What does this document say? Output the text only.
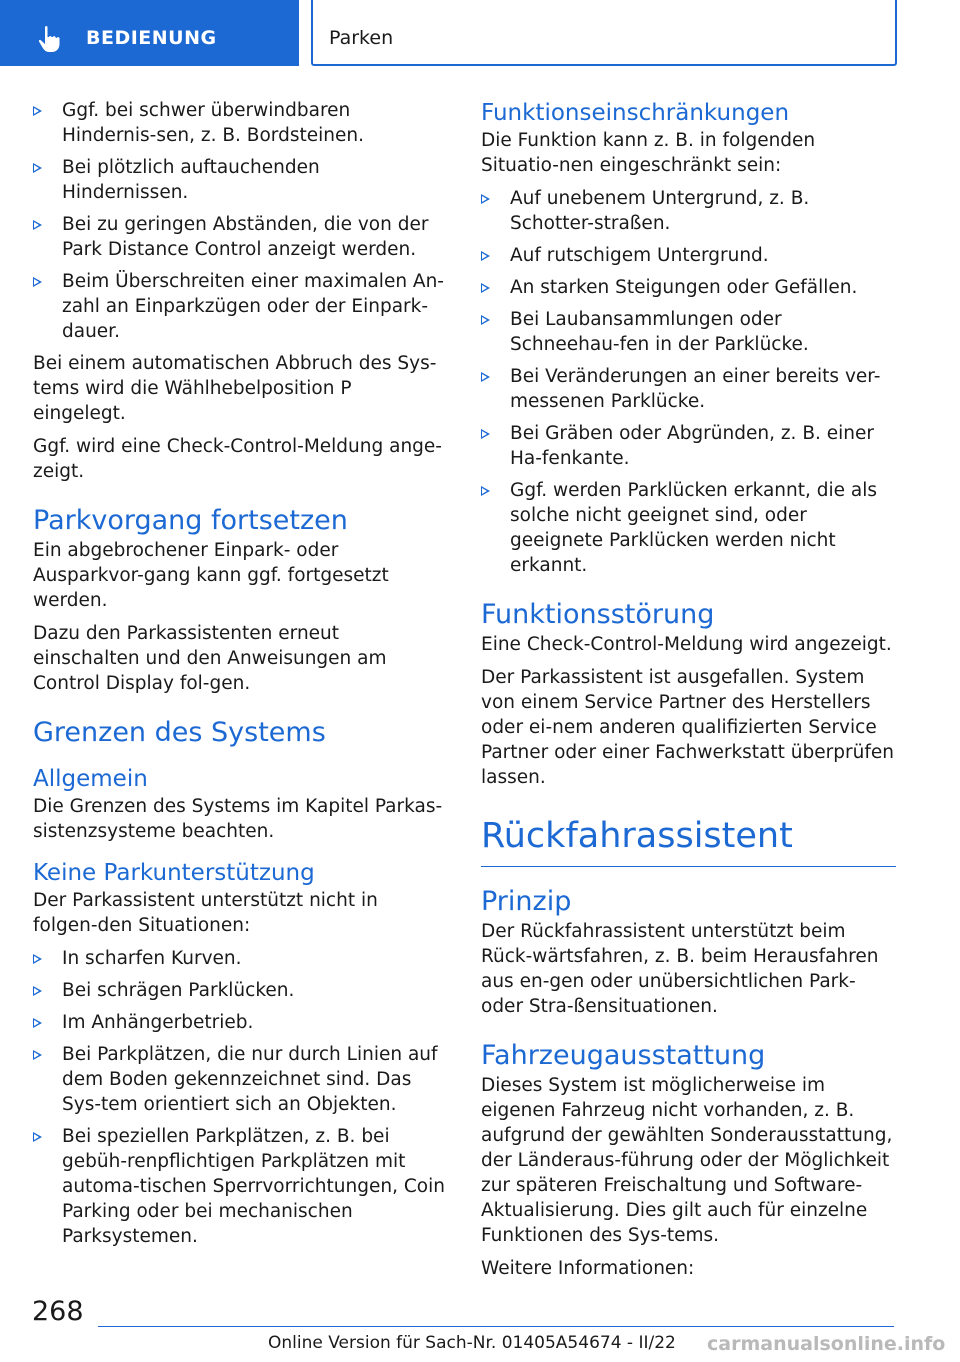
BEDIENUNG	Parken
Ggf. bei schwer überwindbaren Hindernis-sen, z. B. Bordsteinen.
Bei plötzlich auftauchenden Hindernissen.
Bei zu geringen Abständen, die von der Park Distance Control anzeigt werden.
Beim Überschreiten einer maximalen An-zahl an Einparkzügen oder der Einpark-dauer.

Bei einem automatischen Abbruch des Sys-tems wird die Wählhebelposition P eingelegt.

Ggf. wird eine Check-Control-Meldung ange-zeigt.

Parkvorgang fortsetzen

Ein abgebrochener Einpark- oder Ausparkvor-gang kann ggf. fortgesetzt werden.

Dazu den Parkassistenten erneut einschalten und den Anweisungen am Control Display fol-gen.

Grenzen des Systems
Allgemein

Die Grenzen des Systems im Kapitel Parkas-sistenzsysteme beachten.

Keine Parkunterstützung

Der Parkassistent unterstützt nicht in folgen-den Situationen:

In scharfen Kurven.
Bei schrägen Parklücken.
Im Anhängerbetrieb.
Bei Parkplätzen, die nur durch Linien auf dem Boden gekennzeichnet sind. Das Sys-tem orientiert sich an Objekten.
Bei speziellen Parkplätzen, z. B. bei gebüh-renpflichtigen Parkplätzen mit automa-tischen Sperrvorrichtungen, Coin Parking oder bei mechanischen Parksystemen.
Funktionseinschränkungen

Die Funktion kann z. B. in folgenden Situatio-nen eingeschränkt sein:

Auf unebenem Untergrund, z. B. Schotter-straßen.
Auf rutschigem Untergrund.
An starken Steigungen oder Gefällen.
Bei Laubansammlungen oder Schneehau-fen in der Parklücke.
Bei Veränderungen an einer bereits ver-messenen Parklücke.
Bei Gräben oder Abgründen, z. B. einer Ha-fenkante.
Ggf. werden Parklücken erkannt, die als solche nicht geeignet sind, oder geeignete Parklücken werden nicht erkannt.
Funktionsstörung

Eine Check-Control-Meldung wird angezeigt.

Der Parkassistent ist ausgefallen. System von einem Service Partner des Herstellers oder ei-nem anderen qualifizierten Service Partner oder einer Fachwerkstatt überprüfen lassen.

Rückfahrassistent
Prinzip

Der Rückfahrassistent unterstützt beim Rück-wärtsfahren, z. B. beim Herausfahren aus en-gen oder unübersichtlichen Park- oder Stra-ßensituationen.

Fahrzeugausstattung

Dieses System ist möglicherweise im eigenen Fahrzeug nicht vorhanden, z. B. aufgrund der gewählten Sonderausstattung, der Länderaus-führung oder der Möglichkeit zur späteren Freischaltung und Software-Aktualisierung. Dies gilt auch für einzelne Funktionen des Sys-tems.

Weitere Informationen:

268
Online Version für Sach-Nr. 01405A54674 - II/22 carmanualsonline.info
